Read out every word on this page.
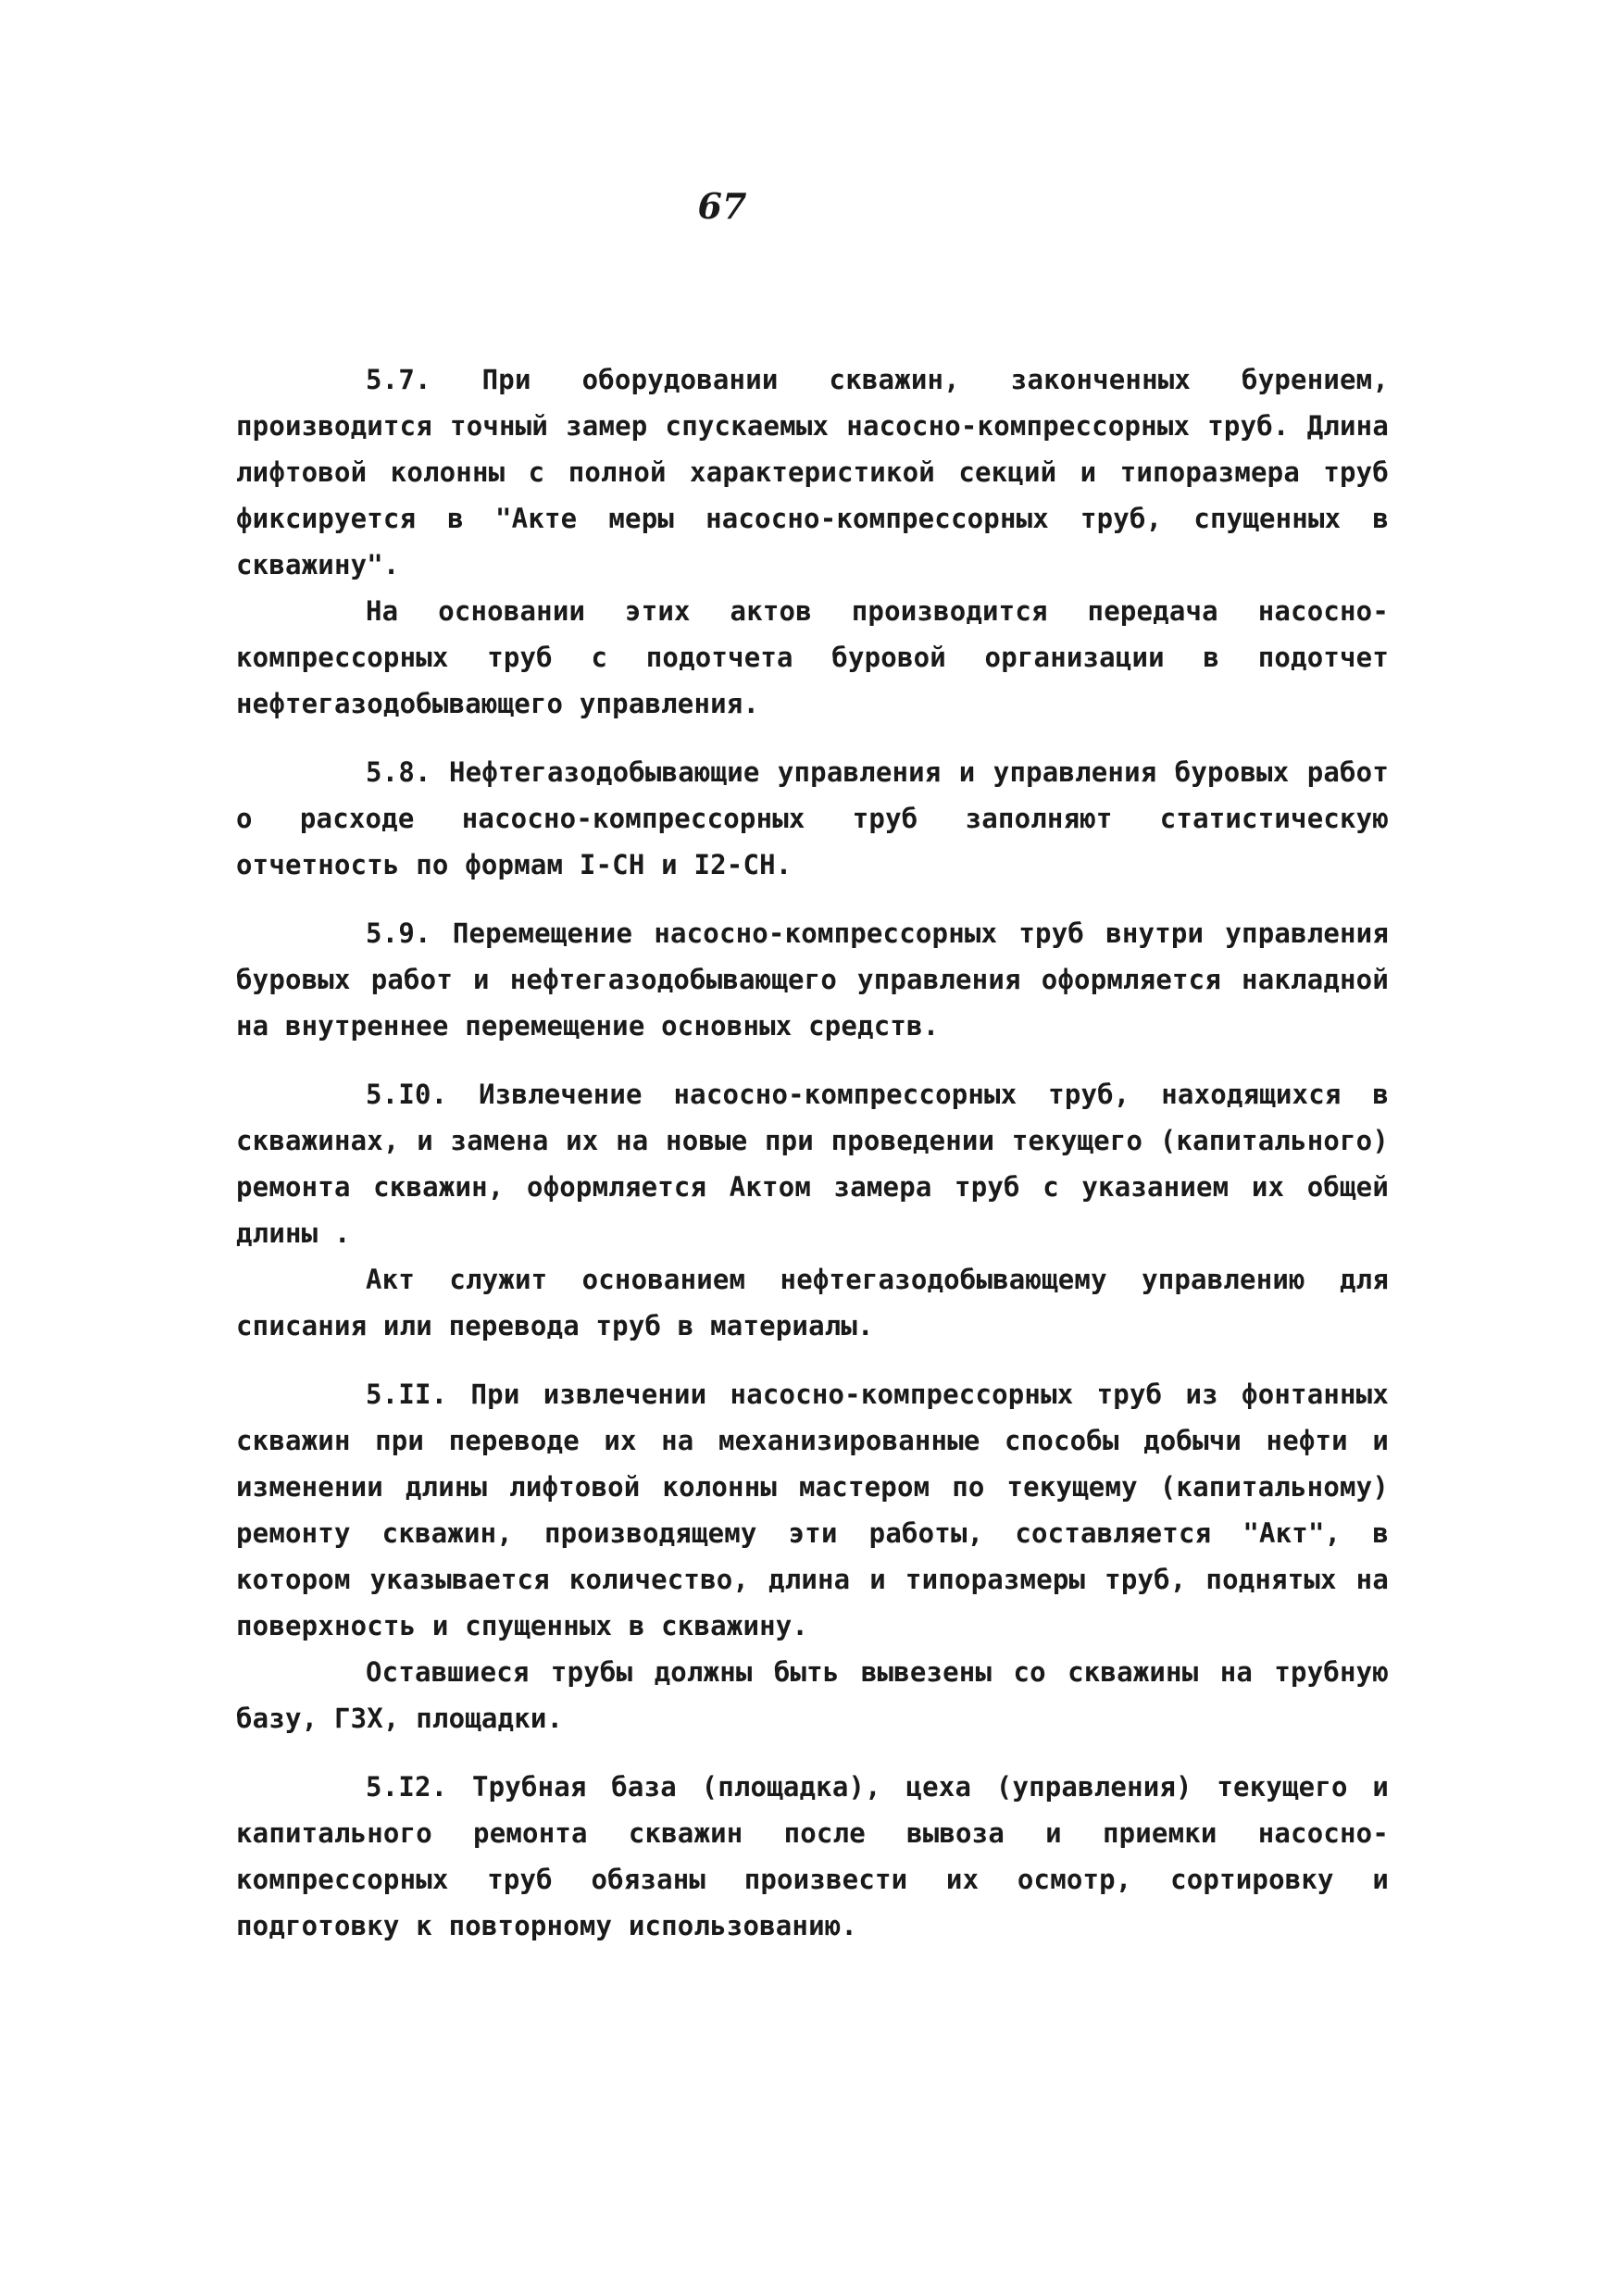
67

5.7. При оборудовании скважин, законченных бурением, производится точный замер спускаемых насосно-компрессорных труб. Длина лифтовой колонны с полной характеристикой секций и типоразмера труб фиксируется в "Акте меры насосно-компрессорных труб, спущенных в скважину".

На основании этих актов производится передача насосно-компрессорных труб с подотчета буровой организации в подотчет нефтегазодобывающего управления.

5.8. Нефтегазодобывающие управления и управления буровых работ о расходе насосно-компрессорных труб заполняют статистическую отчетность по формам I-СН и I2-СН.

5.9. Перемещение насосно-компрессорных труб внутри управления буровых работ и нефтегазодобывающего управления оформляется накладной на внутреннее перемещение основных средств.

5.I0. Извлечение насосно-компрессорных труб, находящихся в скважинах, и замена их на новые при проведении текущего (капитального) ремонта скважин, оформляется Актом замера труб с указанием их общей длины .

Акт служит основанием нефтегазодобывающему управлению для списания или перевода труб в материалы.

5.II. При извлечении насосно-компрессорных труб из фонтанных скважин при переводе их на механизированные способы добычи нефти и изменении длины лифтовой колонны мастером по текущему (капитальному) ремонту скважин, производящему эти работы, составляется "Акт", в котором указывается количество, длина и типоразмеры труб, поднятых на поверхность и спущенных в скважину.

Оставшиеся трубы должны быть вывезены со скважины на трубную базу, ГЗХ, площадки.

5.I2. Трубная база (площадка), цеха (управления) текущего и капитального ремонта скважин после вывоза и приемки насосно-компрессорных труб обязаны произвести их осмотр, сортировку и подготовку к повторному использованию.
